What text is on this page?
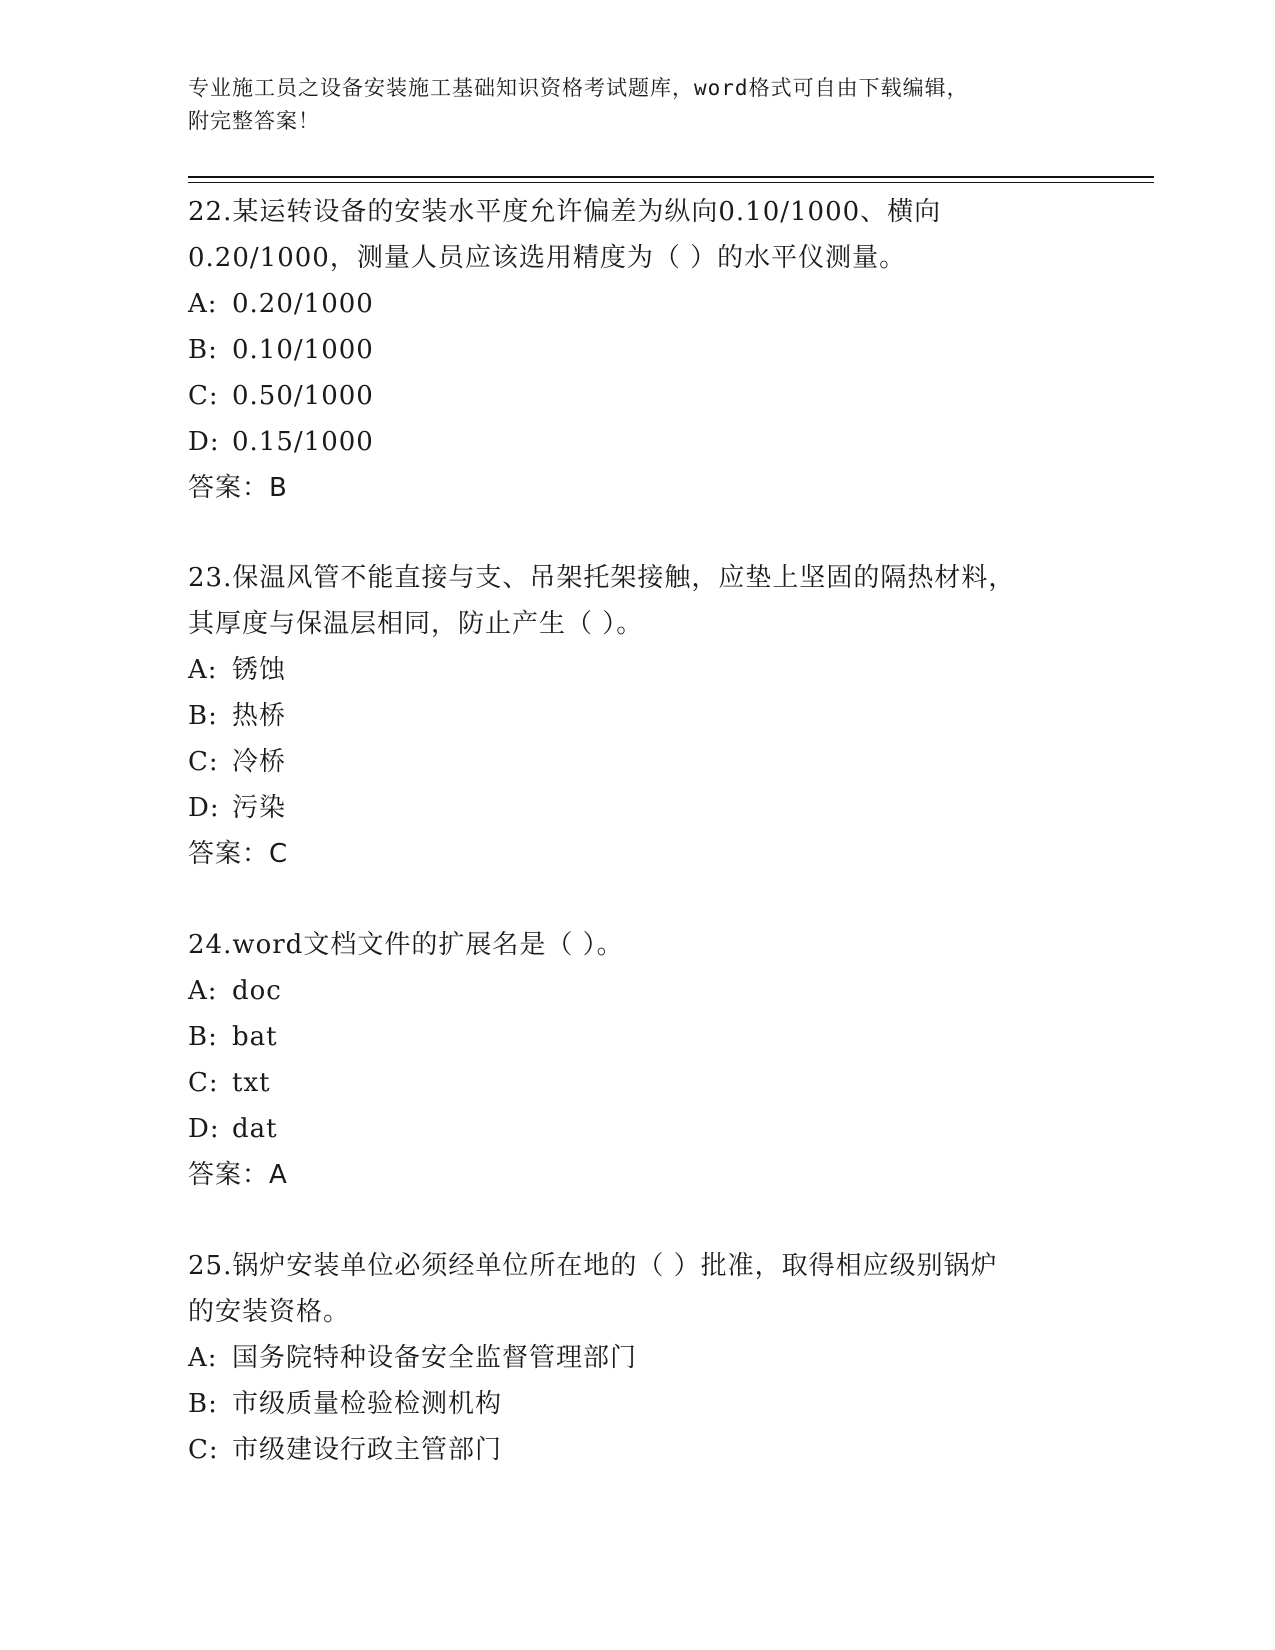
专业施工员之设备安装施工基础知识资格考试题库，word格式可自由下载编辑，
附完整答案！
22.某运转设备的安装水平度允许偏差为纵向0.10/1000、横向
0.20/1000，测量人员应该选用精度为（ ）的水平仪测量。
A: 0.20/1000
B: 0.10/1000
C: 0.50/1000
D: 0.15/1000
答案：B
23.保温风管不能直接与支、吊架托架接触，应垫上坚固的隔热材料，
其厚度与保温层相同，防止产生（ ）。
A: 锈蚀
B: 热桥
C: 冷桥
D: 污染
答案：C
24.word文档文件的扩展名是（ ）。
A: doc
B: bat
C: txt
D: dat
答案：A
25.锅炉安装单位必须经单位所在地的（ ）批准，取得相应级别锅炉
的安装资格。
A: 国务院特种设备安全监督管理部门
B: 市级质量检验检测机构
C: 市级建设行政主管部门
